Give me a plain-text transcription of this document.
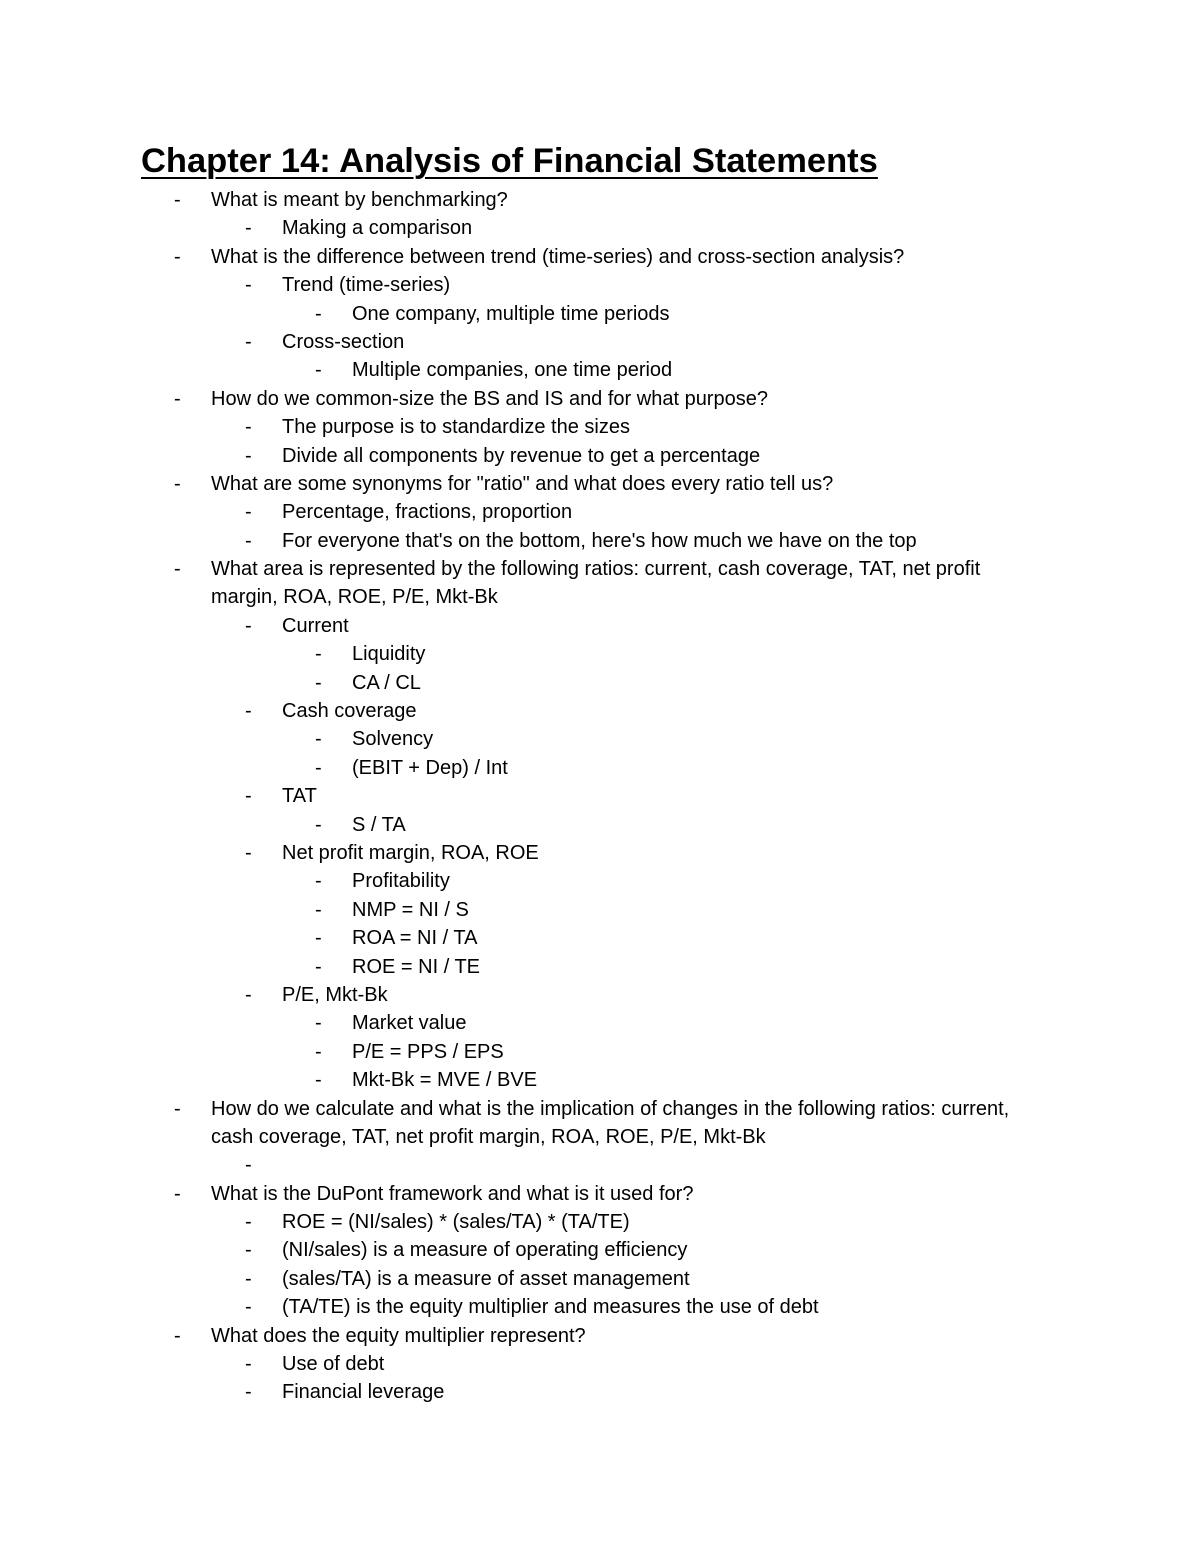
Chapter 14: Analysis of Financial Statements
- What is meant by benchmarking?
- Making a comparison
- What is the difference between trend (time-series) and cross-section analysis?
- Trend (time-series)
- One company, multiple time periods
- Cross-section
- Multiple companies, one time period
- How do we common-size the BS and IS and for what purpose?
- The purpose is to standardize the sizes
- Divide all components by revenue to get a percentage
- What are some synonyms for "ratio" and what does every ratio tell us?
- Percentage, fractions, proportion
- For everyone that's on the bottom, here's how much we have on the top
- What area is represented by the following ratios: current, cash coverage, TAT, net profit margin, ROA, ROE, P/E, Mkt-Bk
- Current
- Liquidity
- CA / CL
- Cash coverage
- Solvency
- (EBIT + Dep) / Int
- TAT
- S / TA
- Net profit margin, ROA, ROE
- Profitability
- NMP = NI / S
- ROA = NI / TA
- ROE = NI / TE
- P/E, Mkt-Bk
- Market value
- P/E = PPS / EPS
- Mkt-Bk = MVE / BVE
- How do we calculate and what is the implication of changes in the following ratios: current, cash coverage, TAT, net profit margin, ROA, ROE, P/E, Mkt-Bk
-
- What is the DuPont framework and what is it used for?
- ROE = (NI/sales) * (sales/TA) * (TA/TE)
- (NI/sales) is a measure of operating efficiency
- (sales/TA) is a measure of asset management
- (TA/TE) is the equity multiplier and measures the use of debt
- What does the equity multiplier represent?
- Use of debt
- Financial leverage
